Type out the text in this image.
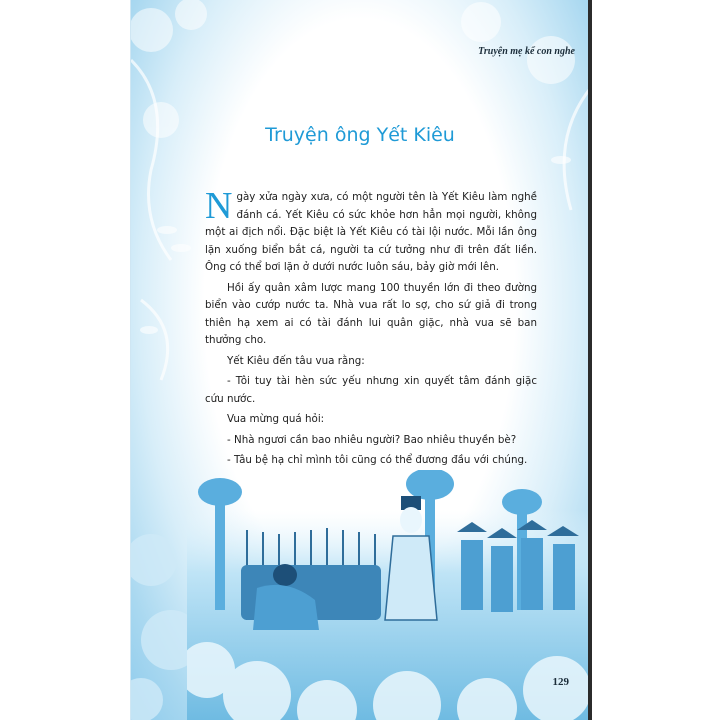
Truyện mẹ kể con nghe
Truyện ông Yết Kiêu

Ngày xửa ngày xưa, có một người tên là Yết Kiêu làm nghề đánh cá. Yết Kiêu có sức khỏe hơn hẳn mọi người, không một ai địch nổi. Đặc biệt là Yết Kiêu có tài lội nước. Mỗi lần ông lặn xuống biển bắt cá, người ta cứ tưởng như đi trên đất liền. Ông có thể bơi lặn ở dưới nước luôn sáu, bảy giờ mới lên.

Hồi ấy quân xâm lược mang 100 thuyền lớn đi theo đường biển vào cướp nước ta. Nhà vua rất lo sợ, cho sứ giả đi trong thiên hạ xem ai có tài đánh lui quân giặc, nhà vua sẽ ban thưởng cho.

Yết Kiêu đến tâu vua rằng:

- Tôi tuy tài hèn sức yếu nhưng xin quyết tâm đánh giặc cứu nước.

Vua mừng quá hỏi:

- Nhà ngươi cần bao nhiêu người? Bao nhiêu thuyền bè?

- Tâu bệ hạ chỉ mình tôi cũng có thể đương đầu với chúng.

129
